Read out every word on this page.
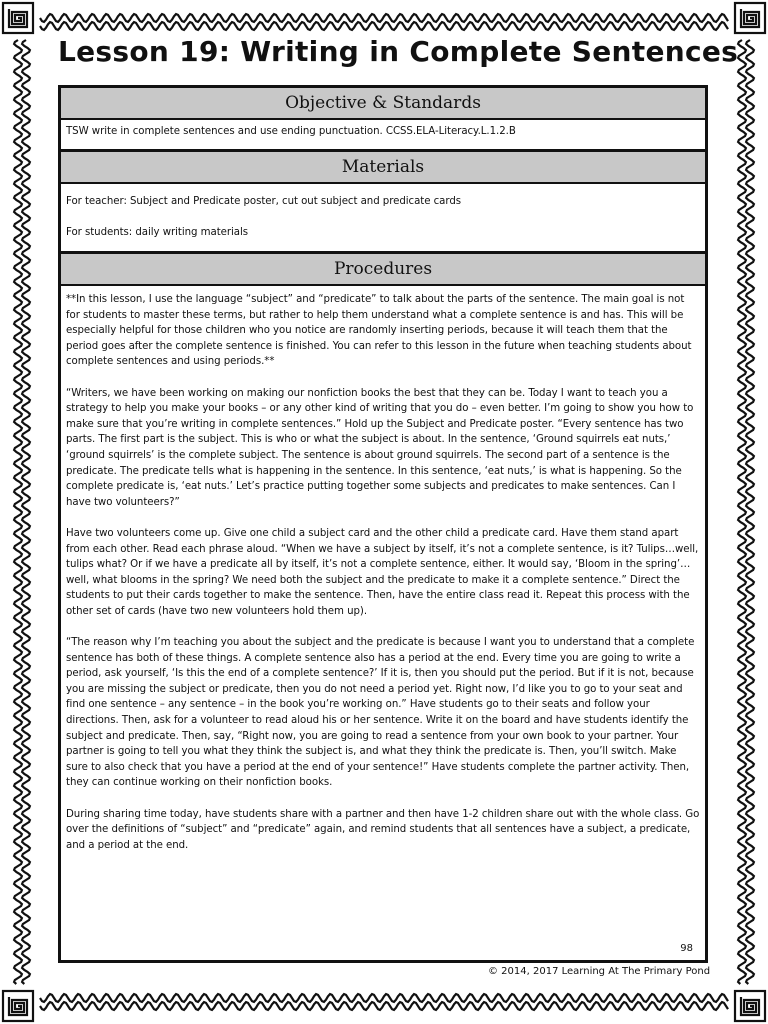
Lesson 19: Writing in Complete Sentences
Objective & Standards

TSW write in complete sentences and use ending punctuation. CCSS.ELA-Literacy.L.1.2.B

Materials

For teacher: Subject and Predicate poster, cut out subject and predicate cards

For students: daily writing materials

Procedures

**In this lesson, I use the language “subject” and “predicate” to talk about the parts of the sentence. The main goal is not for students to master these terms, but rather to help them understand what a complete sentence is and has. This will be especially helpful for those children who you notice are randomly inserting periods, because it will teach them that the period goes after the complete sentence is finished. You can refer to this lesson in the future when teaching students about complete sentences and using periods.**

“Writers, we have been working on making our nonfiction books the best that they can be. Today I want to teach you a strategy to help you make your books – or any other kind of writing that you do – even better. I’m going to show you how to make sure that you’re writing in complete sentences.” Hold up the Subject and Predicate poster. “Every sentence has two parts. The first part is the subject. This is who or what the subject is about. In the sentence, ‘Ground squirrels eat nuts,’ ‘ground squirrels’ is the complete subject. The sentence is about ground squirrels. The second part of a sentence is the predicate. The predicate tells what is happening in the sentence. In this sentence, ‘eat nuts,’ is what is happening. So the complete predicate is, ‘eat nuts.’ Let’s practice putting together some subjects and predicates to make sentences. Can I have two volunteers?”

Have two volunteers come up. Give one child a subject card and the other child a predicate card. Have them stand apart from each other. Read each phrase aloud. “When we have a subject by itself, it’s not a complete sentence, is it? Tulips…well, tulips what? Or if we have a predicate all by itself, it’s not a complete sentence, either. It would say, ‘Bloom in the spring’…well, what blooms in the spring? We need both the subject and the predicate to make it a complete sentence.” Direct the students to put their cards together to make the sentence. Then, have the entire class read it. Repeat this process with the other set of cards (have two new volunteers hold them up).

“The reason why I’m teaching you about the subject and the predicate is because I want you to understand that a complete sentence has both of these things. A complete sentence also has a period at the end. Every time you are going to write a period, ask yourself, ‘Is this the end of a complete sentence?’ If it is, then you should put the period. But if it is not, because you are missing the subject or predicate, then you do not need a period yet. Right now, I’d like you to go to your seat and find one sentence – any sentence – in the book you’re working on.” Have students go to their seats and follow your directions. Then, ask for a volunteer to read aloud his or her sentence. Write it on the board and have students identify the subject and predicate. Then, say, “Right now, you are going to read a sentence from your own book to your partner. Your partner is going to tell you what they think the subject is, and what they think the predicate is. Then, you’ll switch. Make sure to also check that you have a period at the end of your sentence!” Have students complete the partner activity. Then, they can continue working on their nonfiction books.

During sharing time today, have students share with a partner and then have 1-2 children share out with the whole class. Go over the definitions of “subject” and “predicate” again, and remind students that all sentences have a subject, a predicate, and a period at the end.

98
© 2014, 2017 Learning At The Primary Pond
